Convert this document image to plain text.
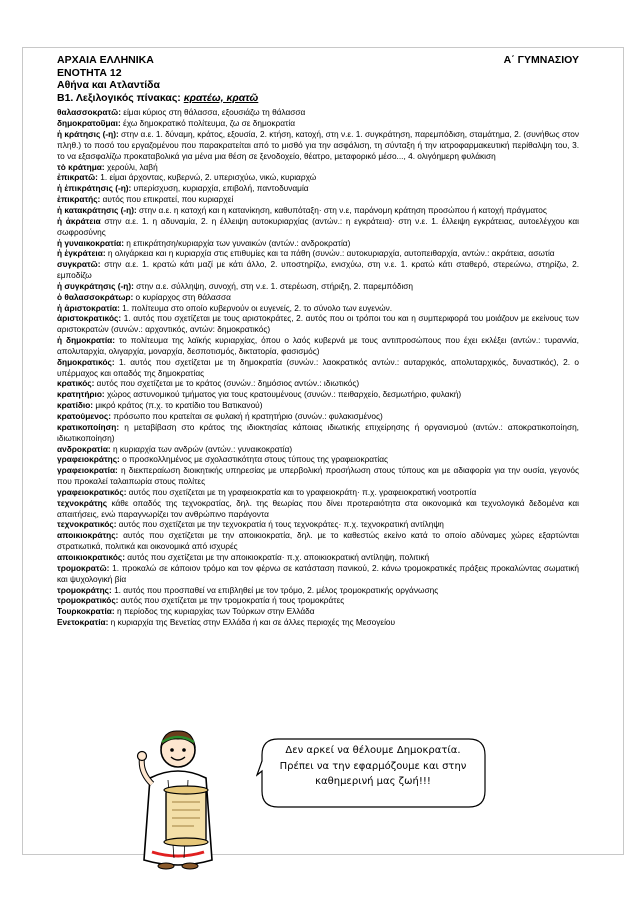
ΑΡΧΑΙΑ ΕΛΛΗΝΙΚΑ	Α΄ ΓΥΜΝΑΣΙΟΥ
ΕΝΟΤΗΤΑ 12
Αθήνα και Ατλαντίδα
Β1. Λεξιλογικός πίνακας: κρατέω, κρατῶ

θαλασσοκρατῶ: είμαι κύριος στη θάλασσα, εξουσιάζω τη θάλασσα

δημοκρατοῦμαι: έχω δημοκρατικό πολίτευμα, ζω σε δημοκρατία

ἡ κράτησις (-η): στην α.ε. 1. δύναμη, κράτος, εξουσία, 2. κτήση, κατοχή, στη ν.ε. 1. συγκράτηση, παρεμπόδιση, σταμάτημα, 2. (συνήθως στον πληθ.) το ποσό του εργαζομένου που παρακρατείται από το μισθό για την ασφάλιση, τη σύνταξη ή την ιατροφαρμακευτική περίθαλψη του, 3. το να εξασφαλίζω προκαταβολικά για μένα μια θέση σε ξενοδοχείο, θέατρο, μεταφορικό μέσο..., 4. ολιγόημερη φυλάκιση

τὸ κράτημα: χερούλι, λαβή

ἐπικρατῶ: 1. είμαι άρχοντας, κυβερνώ, 2. υπερισχύω, νικώ, κυριαρχώ

ἡ ἐπικράτησις (-η): υπερίσχυση, κυριαρχία, επιβολή, παντοδυναμία

ἐπικρατής: αυτός που επικρατεί, που κυριαρχεί

ἡ κατακράτησις (-η): στην α.ε. η κατοχή και η κατανίκηση, καθυπόταξη· στη ν.ε, παράνομη κράτηση προσώπου ή κατοχή πράγματος

ἡ ἀκράτεια στην α.ε. 1. η αδυναμία, 2. η έλλειψη αυτοκυριαρχίας (αντών.: η εγκράτεια)· στη ν.ε. 1. έλλειψη εγκράτειας, αυτοελέγχου και σωφροσύνης

ἡ γυναικοκρατία: η επικράτηση/κυριαρχία των γυναικών (αντών.: ανδροκρατία)

ἡ ἐγκράτεια: η ολιγάρκεια και η κυριαρχία στις επιθυμίες και τα πάθη (συνών.: αυτοκυριαρχία, αυτοπειθαρχία, αντών.: ακράτεια, ασωτία

συγκρατῶ: στην α.ε. 1. κρατώ κάτι μαζί με κάτι άλλο, 2. υποστηρίζω, ενισχύω, στη ν.ε. 1. κρατώ κάτι σταθερό, στερεώνω, στηρίζω, 2. εμποδίζω

ἡ συγκράτησις (-η): στην α.ε. σύλληψη, συνοχή, στη ν.ε. 1. στερέωση, στήριξη, 2. παρεμπόδιση

ὁ θαλασσοκράτωρ: ο κυρίαρχος στη θάλασσα

ἡ ἀριστοκρατία: 1. πολίτευμα στο οποίο κυβερνούν οι ευγενείς, 2. το σύνολο των ευγενών.

ἀριστοκρατικός: 1. αυτός που σχετίζεται με τους αριστοκράτες, 2. αυτός που οι τρόποι του και η συμπεριφορά του μοιάζουν με εκείνους των αριστοκρατών (συνών.: αρχοντικός, αντών: δημοκρατικός)

ἡ δημοκρατία: το πολίτευμα της λαϊκής κυριαρχίας, όπου ο λαός κυβερνά με τους αντιπροσώπους που έχει εκλέξει (αντών.: τυραννία, απολυταρχία, ολιγαρχία, μοναρχία, δεσποτισμός, δικτατορία, φασισμός)

δημοκρατικός: 1. αυτός που σχετίζεται με τη δημοκρατία (συνών.: λαοκρατικός αντών.: αυταρχικός, απολυταρχικός, δυναστικός), 2. ο υπέρμαχος και οπαδός της δημοκρατίας

κρατικός: αυτός που σχετίζεται με το κράτος (συνών.: δημόσιος αντών.: ιδιωτικός)

κρατητήριο: χώρος αστυνομικού τμήματος για τους κρατουμένους (συνών.: πειθαρχείο, δεσμωτήριο, φυλακή)

κρατίδιο: μικρό κράτος (π.χ. το κρατίδιο του Βατικανού)

κρατούμενος: πρόσωπο που κρατείται σε φυλακή ή κρατητήριο (συνών.: φυλακισμένος)

κρατικοποίηση: η μεταβίβαση στο κράτος της ιδιοκτησίας κάποιας ιδιωτικής επιχείρησης ή οργανισμού (αντών.: αποκρατικοποίηση, ιδιωτικοποίηση)

ανδροκρατία: η κυριαρχία των ανδρών (αντών.: γυναικοκρατία)

γραφειοκράτης: ο προσκολλημένος με σχολαστικότητα στους τύπους της γραφειοκρατίας

γραφειοκρατία: η διεκπεραίωση διοικητικής υπηρεσίας με υπερβολική προσήλωση στους τύπους και με αδιαφορία για την ουσία, γεγονός που προκαλεί ταλαιπωρία στους πολίτες

γραφειοκρατικός: αυτός που σχετίζεται με τη γραφειοκρατία και το γραφειοκράτη· π.χ. γραφειοκρατική νοοτροπία

τεχνοκράτης κάθε οπαδός της τεχνοκρατίας, δηλ. της θεωρίας που δίνει προτεραιότητα στα οικονομικά και τεχνολογικά δεδομένα και απαιτήσεις, ενώ παραγνωρίζει τον ανθρώπινο παράγοντα

τεχνοκρατικός: αυτός που σχετίζεται με την τεχνοκρατία ή τους τεχνοκράτες· π.χ. τεχνοκρατική αντίληψη

αποικιοκράτης: αυτός που σχετίζεται με την αποικιοκρατία, δηλ. με το καθεστώς εκείνο κατά το οποίο αδύναμες χώρες εξαρτώνται στρατιωτικά, πολιτικά και οικονομικά από ισχυρές

αποικιοκρατικός: αυτός που σχετίζεται με την αποικιοκρατία· π.χ. αποικιοκρατική αντίληψη, πολιτική

τρομοκρατῶ: 1. προκαλώ σε κάποιον τρόμο και τον φέρνω σε κατάσταση πανικού, 2. κάνω τρομοκρατικές πράξεις προκαλώντας σωματική και ψυχολογική βία

τρομοκράτης: 1. αυτός που προσπαθεί να επιβληθεί με τον τρόμο, 2. μέλος τρομοκρατικής οργάνωσης

τρομοκρατικός: αυτός που σχετίζεται με την τρομοκρατία ή τους τρομοκράτες

Τουρκοκρατία: η περίοδος της κυριαρχίας των Τούρκων στην Ελλάδα

Ενετοκρατία: η κυριαρχία της Βενετίας στην Ελλάδα ή και σε άλλες περιοχές της Μεσογείου

Δεν αρκεί να θέλουμε Δημοκρατία.
Πρέπει να την εφαρμόζουμε και στην
καθημερινή μας ζωή!!!
